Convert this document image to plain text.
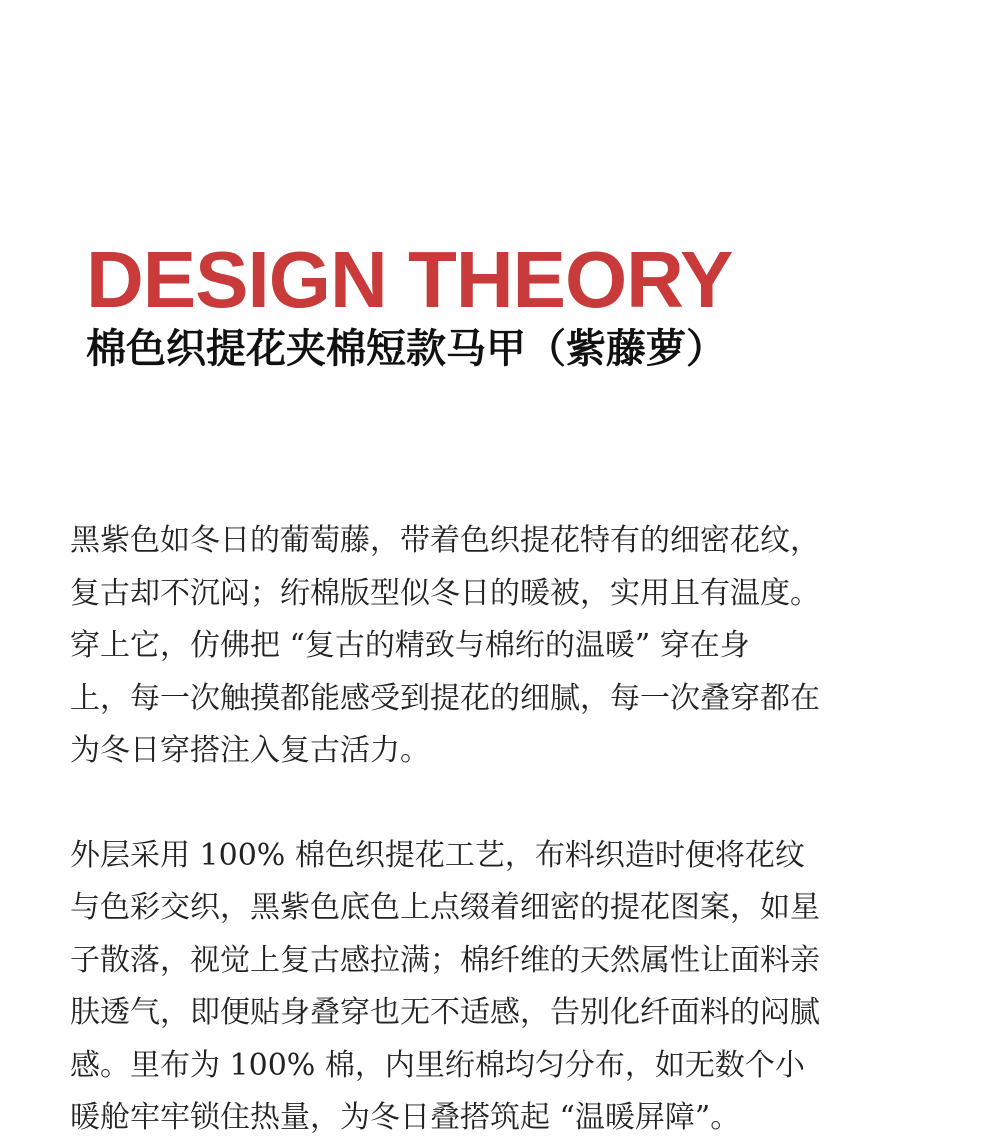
DESIGN THEORY
棉色织提花夹棉短款马甲（紫藤萝）

黑紫色如冬日的葡萄藤，带着色织提花特有的细密花纹，
复古却不沉闷；绗棉版型似冬日的暖被，实用且有温度。
穿上它，仿佛把 “复古的精致与棉绗的温暖” 穿在身
上，每一次触摸都能感受到提花的细腻，每一次叠穿都在
为冬日穿搭注入复古活力。

外层采用 100% 棉色织提花工艺，布料织造时便将花纹
与色彩交织，黑紫色底色上点缀着细密的提花图案，如星
子散落，视觉上复古感拉满；棉纤维的天然属性让面料亲
肤透气，即便贴身叠穿也无不适感，告别化纤面料的闷腻
感。里布为 100% 棉，内里绗棉均匀分布，如无数个小
暖舱牢牢锁住热量，为冬日叠搭筑起 “温暖屏障”。
